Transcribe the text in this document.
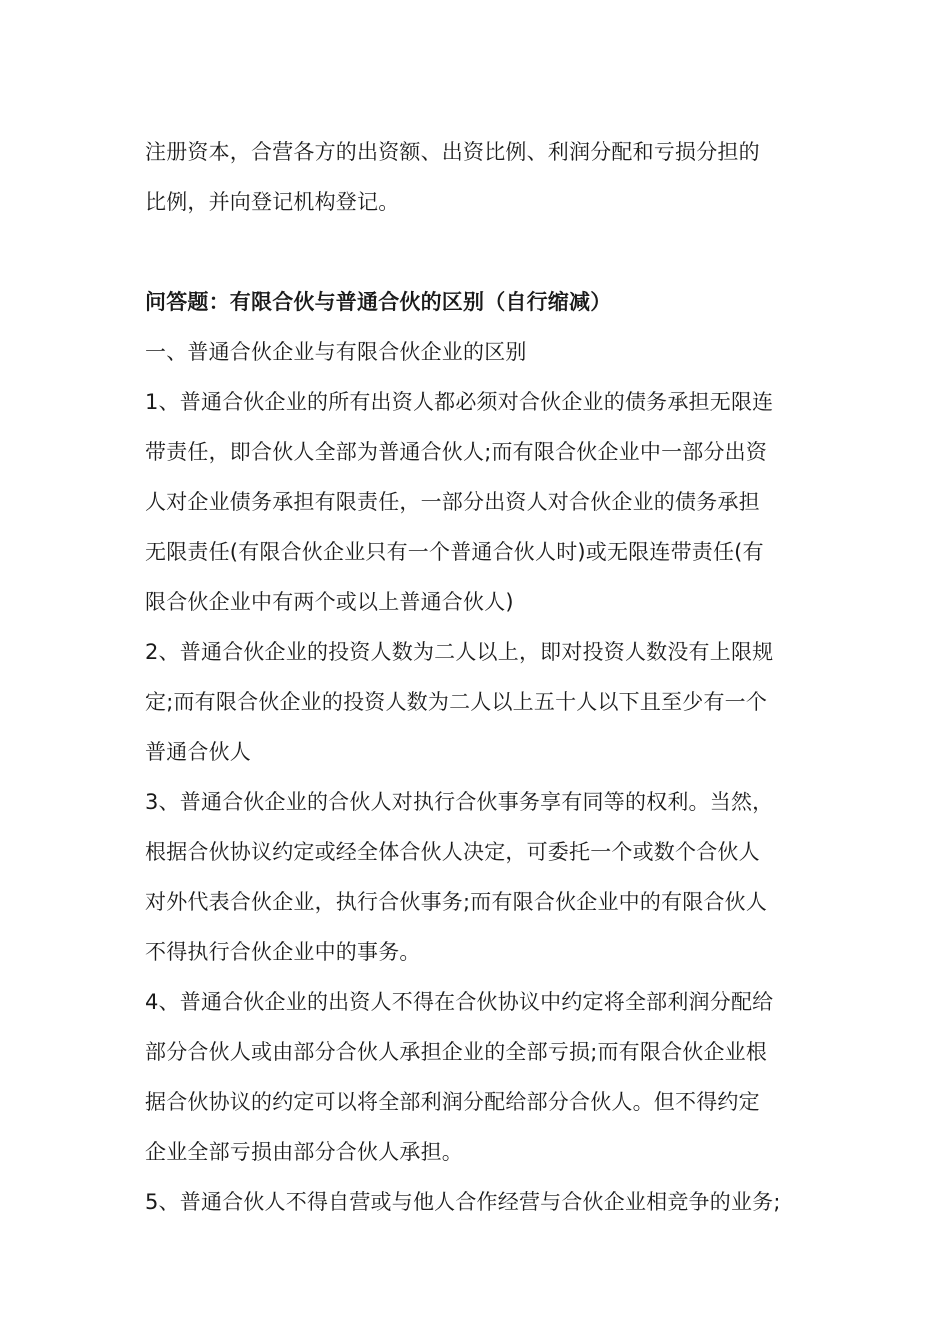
注册资本，合营各方的出资额、出资比例、利润分配和亏损分担的
比例，并向登记机构登记。
问答题：有限合伙与普通合伙的区别（自行缩减）
一、普通合伙企业与有限合伙企业的区别
1、普通合伙企业的所有出资人都必须对合伙企业的债务承担无限连
带责任，即合伙人全部为普通合伙人;而有限合伙企业中一部分出资
人对企业债务承担有限责任，一部分出资人对合伙企业的债务承担
无限责任(有限合伙企业只有一个普通合伙人时)或无限连带责任(有
限合伙企业中有两个或以上普通合伙人)
2、普通合伙企业的投资人数为二人以上，即对投资人数没有上限规
定;而有限合伙企业的投资人数为二人以上五十人以下且至少有一个
普通合伙人
3、普通合伙企业的合伙人对执行合伙事务享有同等的权利。当然，
根据合伙协议约定或经全体合伙人决定，可委托一个或数个合伙人
对外代表合伙企业，执行合伙事务;而有限合伙企业中的有限合伙人
不得执行合伙企业中的事务。
4、普通合伙企业的出资人不得在合伙协议中约定将全部利润分配给
部分合伙人或由部分合伙人承担企业的全部亏损;而有限合伙企业根
据合伙协议的约定可以将全部利润分配给部分合伙人。但不得约定
企业全部亏损由部分合伙人承担。
5、普通合伙人不得自营或与他人合作经营与合伙企业相竞争的业务;
